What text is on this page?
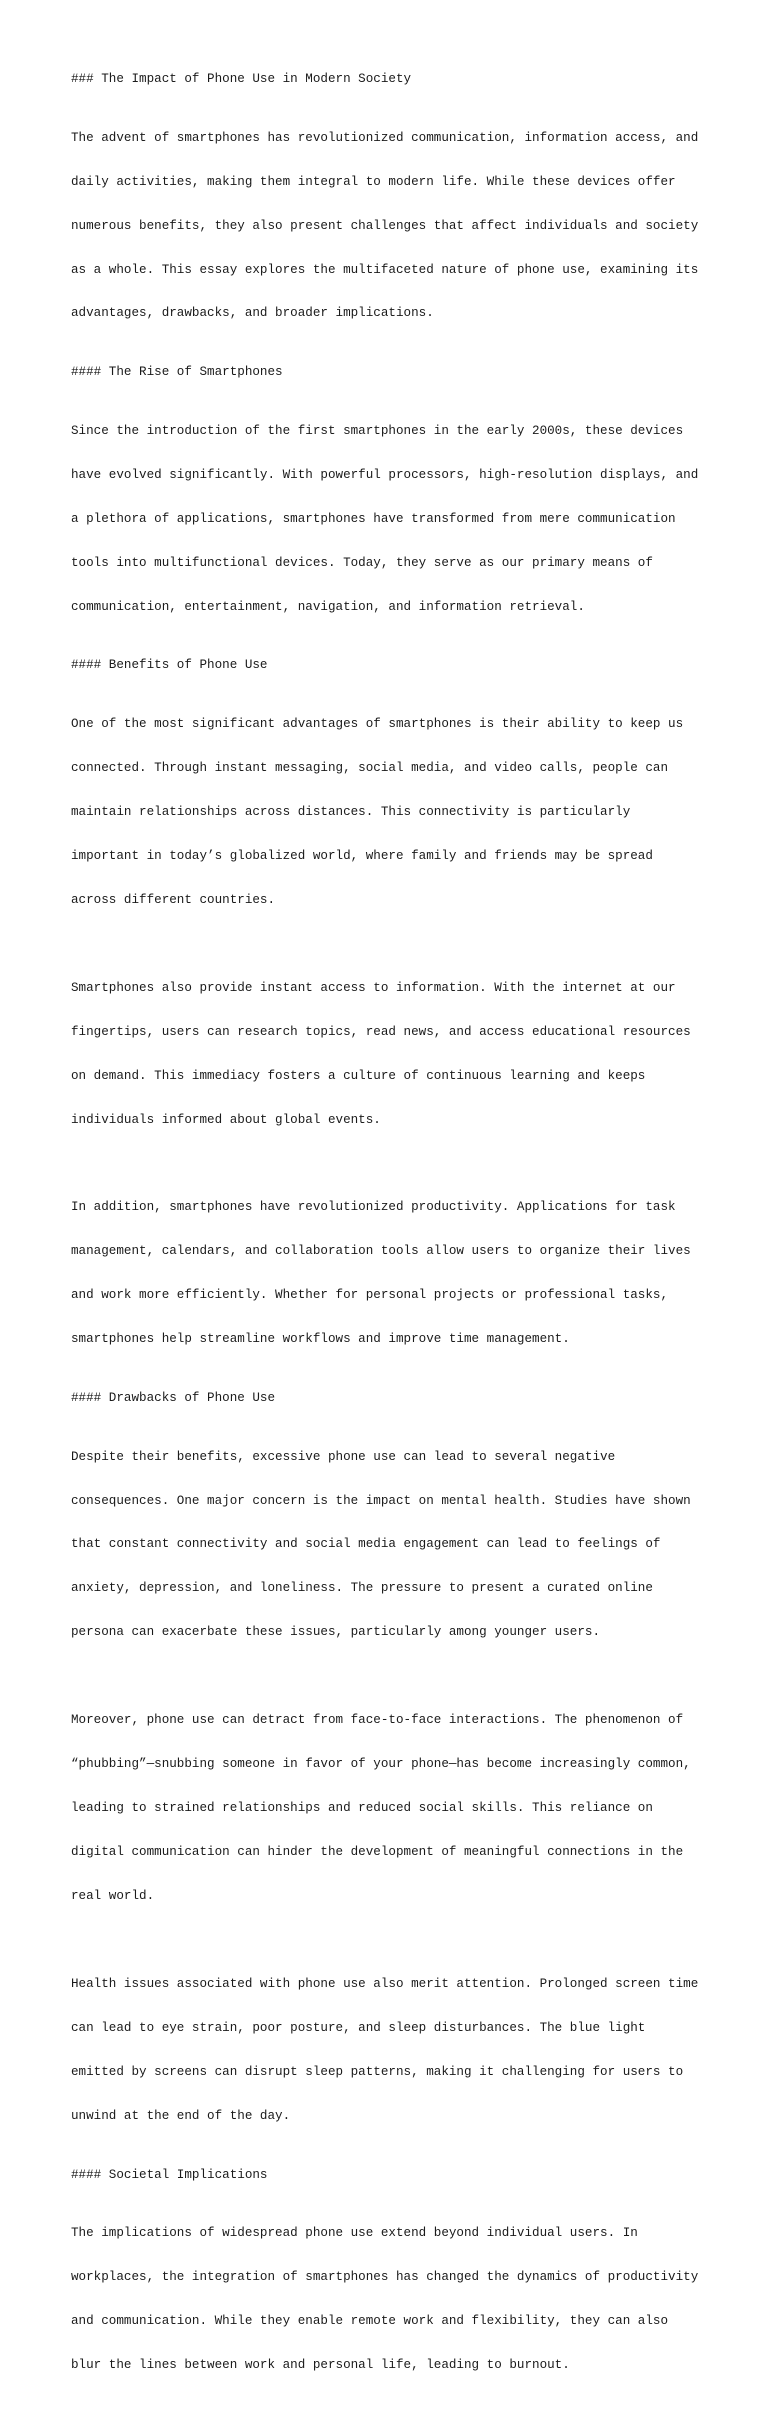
### The Impact of Phone Use in Modern Society

The advent of smartphones has revolutionized communication, information access, and

daily activities, making them integral to modern life. While these devices offer

numerous benefits, they also present challenges that affect individuals and society

as a whole. This essay explores the multifaceted nature of phone use, examining its

advantages, drawbacks, and broader implications.

#### The Rise of Smartphones

Since the introduction of the first smartphones in the early 2000s, these devices

have evolved significantly. With powerful processors, high-resolution displays, and

a plethora of applications, smartphones have transformed from mere communication

tools into multifunctional devices. Today, they serve as our primary means of

communication, entertainment, navigation, and information retrieval.

#### Benefits of Phone Use

One of the most significant advantages of smartphones is their ability to keep us

connected. Through instant messaging, social media, and video calls, people can

maintain relationships across distances. This connectivity is particularly

important in today’s globalized world, where family and friends may be spread

across different countries.

Smartphones also provide instant access to information. With the internet at our

fingertips, users can research topics, read news, and access educational resources

on demand. This immediacy fosters a culture of continuous learning and keeps

individuals informed about global events.

In addition, smartphones have revolutionized productivity. Applications for task

management, calendars, and collaboration tools allow users to organize their lives

and work more efficiently. Whether for personal projects or professional tasks,

smartphones help streamline workflows and improve time management.

#### Drawbacks of Phone Use

Despite their benefits, excessive phone use can lead to several negative

consequences. One major concern is the impact on mental health. Studies have shown

that constant connectivity and social media engagement can lead to feelings of

anxiety, depression, and loneliness. The pressure to present a curated online

persona can exacerbate these issues, particularly among younger users.

Moreover, phone use can detract from face-to-face interactions. The phenomenon of

“phubbing”—snubbing someone in favor of your phone—has become increasingly common,

leading to strained relationships and reduced social skills. This reliance on

digital communication can hinder the development of meaningful connections in the

real world.

Health issues associated with phone use also merit attention. Prolonged screen time

can lead to eye strain, poor posture, and sleep disturbances. The blue light

emitted by screens can disrupt sleep patterns, making it challenging for users to

unwind at the end of the day.

#### Societal Implications

The implications of widespread phone use extend beyond individual users. In

workplaces, the integration of smartphones has changed the dynamics of productivity

and communication. While they enable remote work and flexibility, they can also

blur the lines between work and personal life, leading to burnout.
